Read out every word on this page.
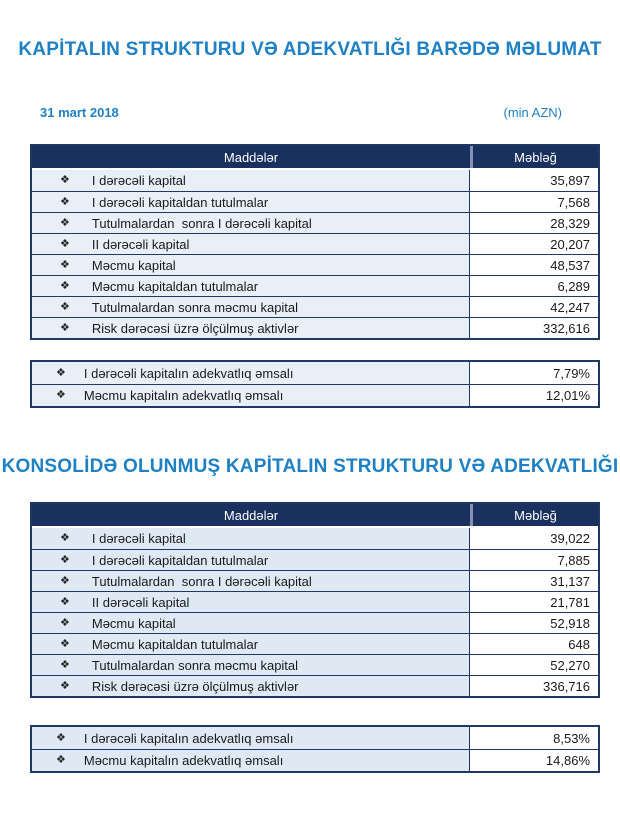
KAPİTALIN STRUKTURU VƏ ADEKVATLIĞI BARƏDƏ MƏLUMAT
31 mart 2018	(min AZN)
Maddələr	Məbləğ
❖ I dərəcəli kapital	35,897
❖ I dərəcəli kapitaldan tutulmalar	7,568
❖ Tutulmalardan  sonra I dərəcəli kapital	28,329
❖ II dərəcəli kapital	20,207
❖ Məcmu kapital	48,537
❖ Məcmu kapitaldan tutulmalar	6,289
❖ Tutulmalardan sonra məcmu kapital	42,247
❖ Risk dərəcəsi üzrə ölçülmuş aktivlər	332,616
❖ I dərəcəli kapitalın adekvatlıq əmsalı	7,79%
❖ Məcmu kapitalın adekvatlıq əmsalı	12,01%
KONSOLİDƏ OLUNMUŞ KAPİTALIN STRUKTURU VƏ ADEKVATLIĞI
Maddələr	Məbləğ
❖ I dərəcəli kapital	39,022
❖ I dərəcəli kapitaldan tutulmalar	7,885
❖ Tutulmalardan  sonra I dərəcəli kapital	31,137
❖ II dərəcəli kapital	21,781
❖ Məcmu kapital	52,918
❖ Məcmu kapitaldan tutulmalar	648
❖ Tutulmalardan sonra məcmu kapital	52,270
❖ Risk dərəcəsi üzrə ölçülmuş aktivlər	336,716
❖ I dərəcəli kapitalın adekvatlıq əmsalı	8,53%
❖ Məcmu kapitalın adekvatlıq əmsalı	14,86%
